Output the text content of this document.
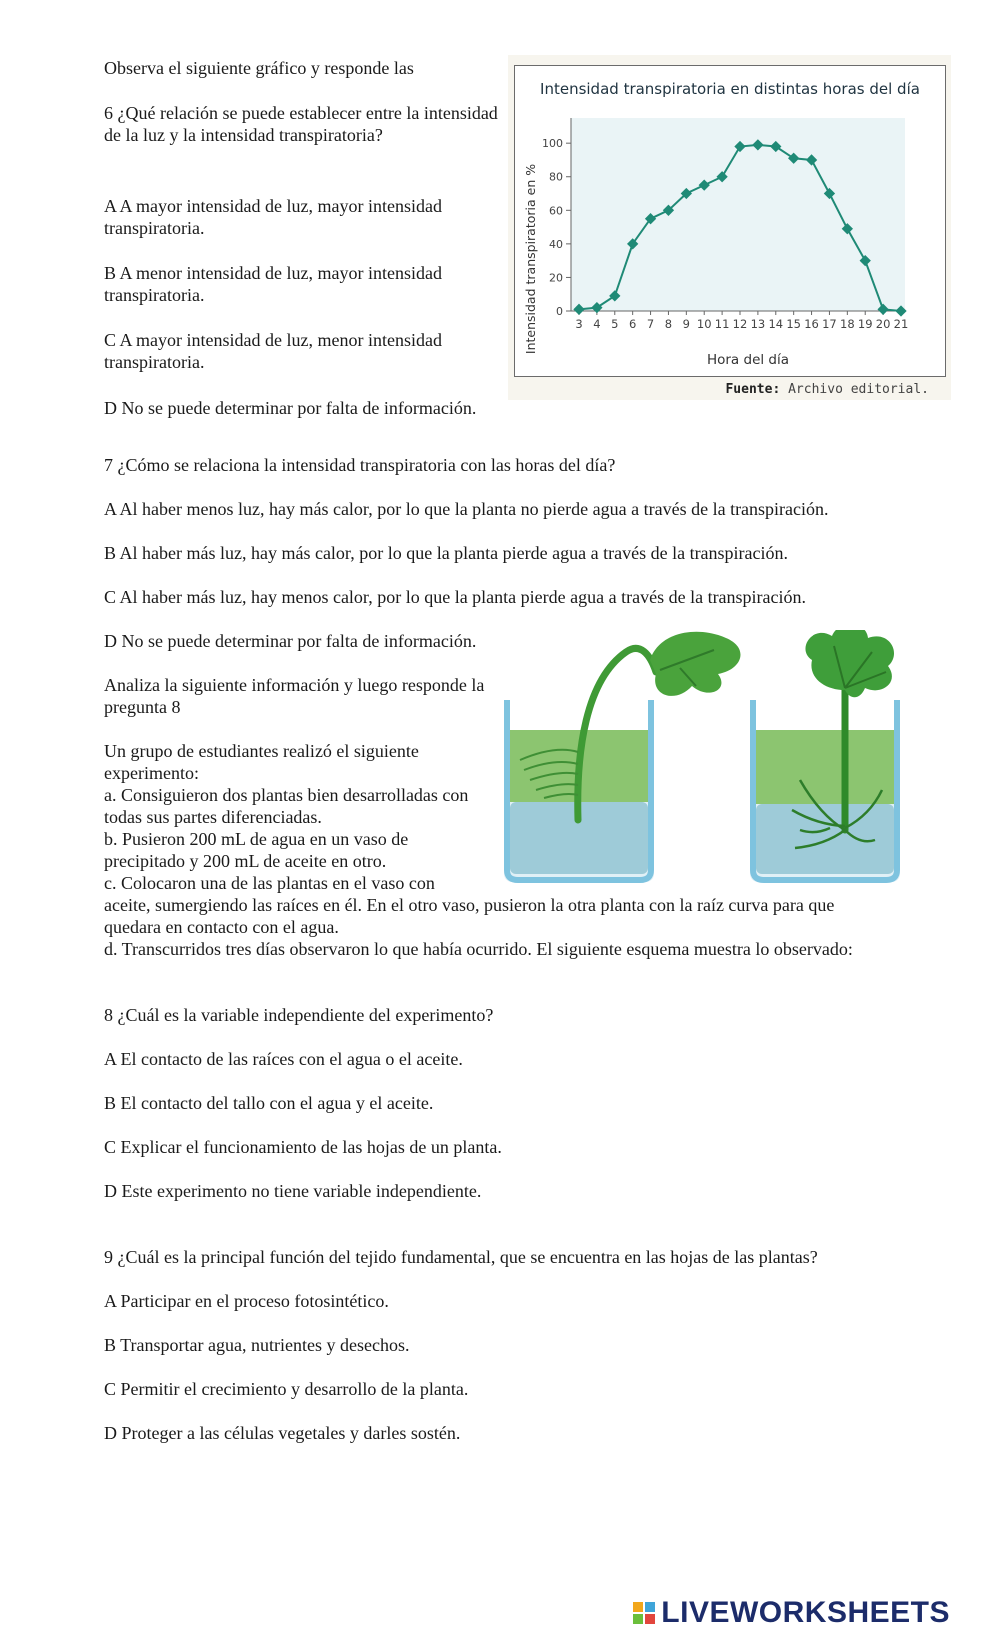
Observa el siguiente gráfico y responde las

6 ¿Qué relación se puede establecer entre la intensidad de la luz y la intensidad transpiratoria?

A A mayor intensidad de luz, mayor intensidad transpiratoria.

B A menor intensidad de luz, mayor intensidad transpiratoria.

C A mayor intensidad de luz, menor intensidad transpiratoria.

D No se puede determinar por falta de información.

Intensidad transpiratoria en distintas horas del día
Intensidad transpiratoria en %
Hora del día
0
20
40
60
80
100
3 4 5 6 7 8 9 10 11 12 13 14 15 16 17 18 19 20 21
Fuente: Archivo editorial.

7 ¿Cómo se relaciona la intensidad transpiratoria con las horas del día?

A Al haber menos luz, hay más calor, por lo que la planta no pierde agua a través de la transpiración.

B Al haber más luz, hay más calor, por lo que la planta pierde agua a través de la transpiración.

C Al haber más luz, hay menos calor, por lo que la planta pierde agua a través de la transpiración.

D No se puede determinar por falta de información.

Analiza la siguiente información y luego responde la pregunta 8

Un grupo de estudiantes realizó el siguiente experimento:

a. Consiguieron dos plantas bien desarrolladas con todas sus partes diferenciadas.

b. Pusieron 200 mL de agua en un vaso de precipitado y 200 mL de aceite en otro.

c. Colocaron una de las plantas en el vaso con

aceite, sumergiendo las raíces en él. En el otro vaso, pusieron la otra planta con la raíz curva para que quedara en contacto con el agua.

d. Transcurridos tres días observaron lo que había ocurrido. El siguiente esquema muestra lo observado:

8 ¿Cuál es la variable independiente del experimento?

A El contacto de las raíces con el agua o el aceite.

B El contacto del tallo con el agua y el aceite.

C Explicar el funcionamiento de las hojas de un planta.

D Este experimento no tiene variable independiente.

9 ¿Cuál es la principal función del tejido fundamental, que se encuentra en las hojas de las plantas?

A Participar en el proceso fotosintético.

B Transportar agua, nutrientes y desechos.

C Permitir el crecimiento y desarrollo de la planta.

D Proteger a las células vegetales y darles sostén.

LIVEWORKSHEETS
